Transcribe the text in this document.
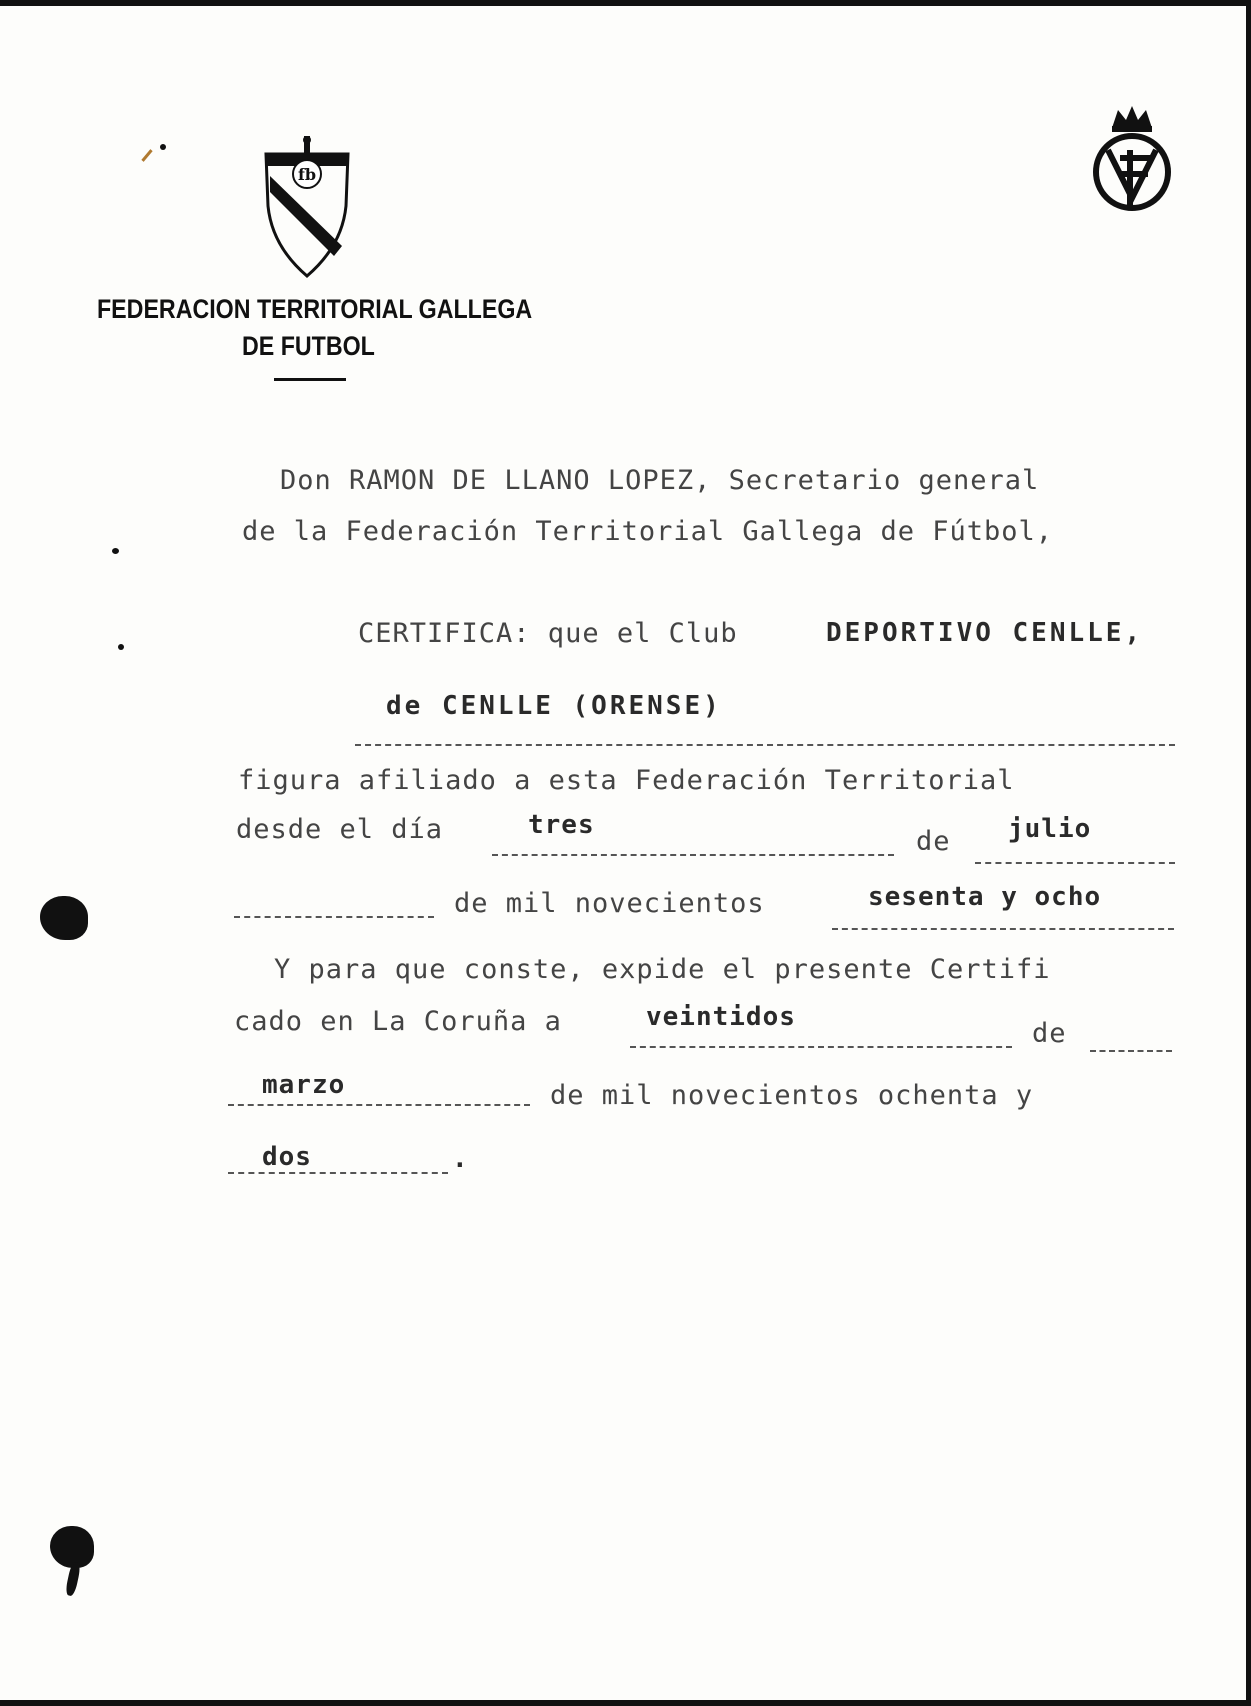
fb
FEDERACION TERRITORIAL GALLEGA
DE FUTBOL
Don RAMON DE LLANO LOPEZ, Secretario general
de la Federación Territorial Gallega de Fútbol,
CERTIFICA: que el Club	DEPORTIVO CENLLE,
de CENLLE (ORENSE)
figura afiliado a esta Federación Territorial
desde el día	tres
de julio
de mil novecientos	sesenta y ocho
Y para que conste, expide el presente Certifi
cado en La Coruña a	veintidos
de
marzo	de mil novecientos ochenta y
dos	.
